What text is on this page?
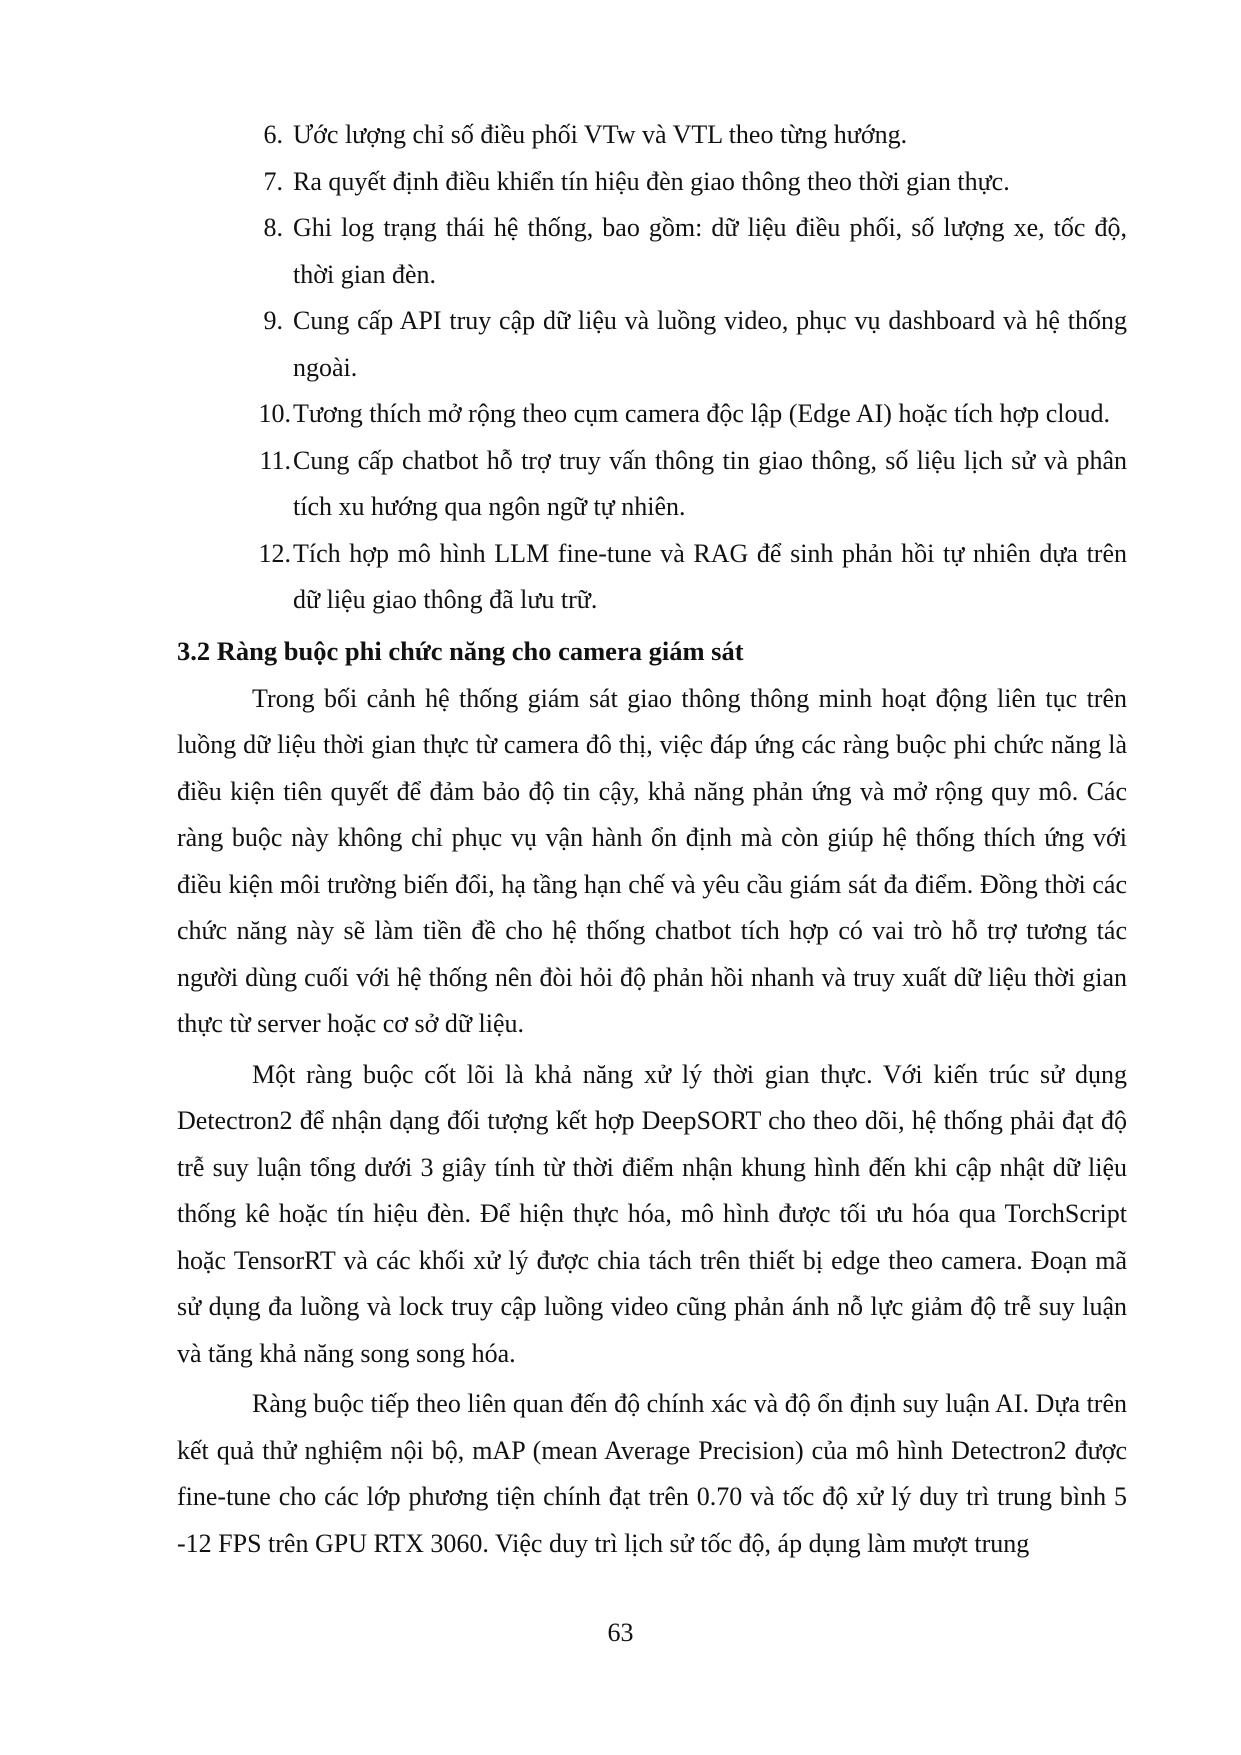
6. Ước lượng chỉ số điều phối VTw và VTL theo từng hướng.
7. Ra quyết định điều khiển tín hiệu đèn giao thông theo thời gian thực.
8. Ghi log trạng thái hệ thống, bao gồm: dữ liệu điều phối, số lượng xe, tốc độ, thời gian đèn.
9. Cung cấp API truy cập dữ liệu và luồng video, phục vụ dashboard và hệ thống ngoài.
10. Tương thích mở rộng theo cụm camera độc lập (Edge AI) hoặc tích hợp cloud.
11. Cung cấp chatbot hỗ trợ truy vấn thông tin giao thông, số liệu lịch sử và phân tích xu hướng qua ngôn ngữ tự nhiên.
12. Tích hợp mô hình LLM fine-tune và RAG để sinh phản hồi tự nhiên dựa trên dữ liệu giao thông đã lưu trữ.
3.2 Ràng buộc phi chức năng cho camera giám sát

Trong bối cảnh hệ thống giám sát giao thông thông minh hoạt động liên tục trên luồng dữ liệu thời gian thực từ camera đô thị, việc đáp ứng các ràng buộc phi chức năng là điều kiện tiên quyết để đảm bảo độ tin cậy, khả năng phản ứng và mở rộng quy mô. Các ràng buộc này không chỉ phục vụ vận hành ổn định mà còn giúp hệ thống thích ứng với điều kiện môi trường biến đổi, hạ tầng hạn chế và yêu cầu giám sát đa điểm. Đồng thời các chức năng này sẽ làm tiền đề cho hệ thống chatbot tích hợp có vai trò hỗ trợ tương tác người dùng cuối với hệ thống nên đòi hỏi độ phản hồi nhanh và truy xuất dữ liệu thời gian thực từ server hoặc cơ sở dữ liệu.

Một ràng buộc cốt lõi là khả năng xử lý thời gian thực. Với kiến trúc sử dụng Detectron2 để nhận dạng đối tượng kết hợp DeepSORT cho theo dõi, hệ thống phải đạt độ trễ suy luận tổng dưới 3 giây tính từ thời điểm nhận khung hình đến khi cập nhật dữ liệu thống kê hoặc tín hiệu đèn. Để hiện thực hóa, mô hình được tối ưu hóa qua TorchScript hoặc TensorRT và các khối xử lý được chia tách trên thiết bị edge theo camera. Đoạn mã sử dụng đa luồng và lock truy cập luồng video cũng phản ánh nỗ lực giảm độ trễ suy luận và tăng khả năng song song hóa.

Ràng buộc tiếp theo liên quan đến độ chính xác và độ ổn định suy luận AI. Dựa trên kết quả thử nghiệm nội bộ, mAP (mean Average Precision) của mô hình Detectron2 được fine-tune cho các lớp phương tiện chính đạt trên 0.70 và tốc độ xử lý duy trì trung bình 5 -12 FPS trên GPU RTX 3060. Việc duy trì lịch sử tốc độ, áp dụng làm mượt trung

63
